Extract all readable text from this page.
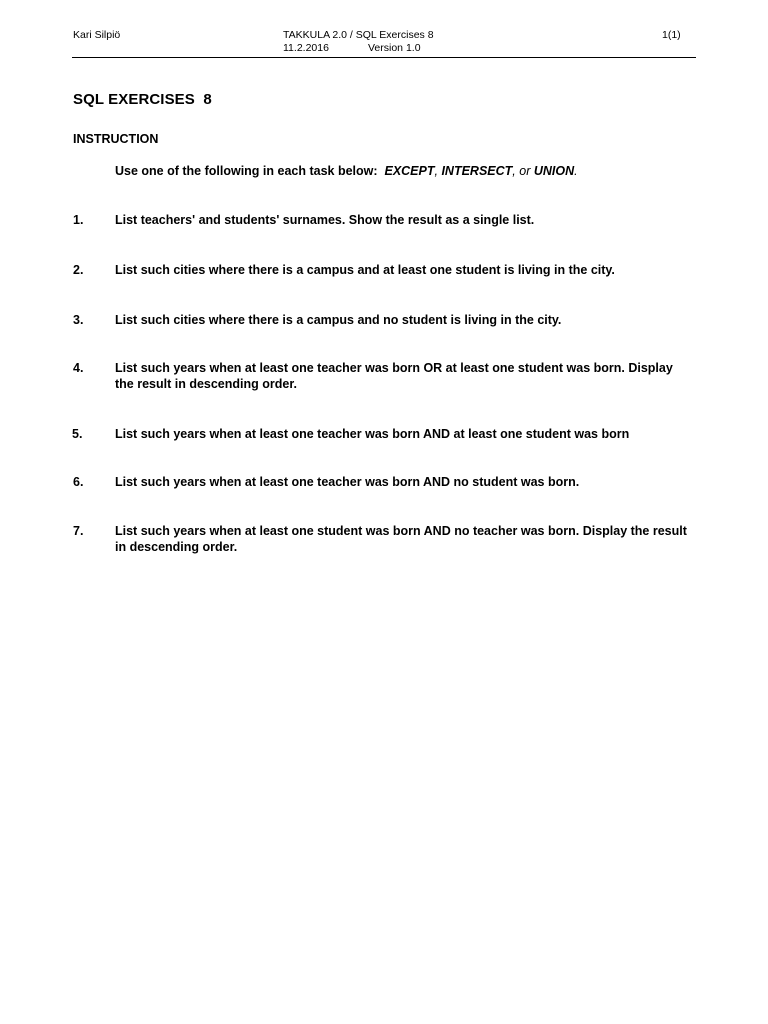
Kari Silpiö	TAKKULA 2.0 / SQL Exercises 8	1(1)
11.2.2016	Version 1.0
SQL EXERCISES  8
INSTRUCTION
Use one of the following in each task below:  EXCEPT, INTERSECT, or UNION.
1.	List teachers' and students' surnames. Show the result as a single list.
2.	List such cities where there is a campus and at least one student is living in the city.
3.	List such cities where there is a campus and no student is living in the city.
4.	List such years when at least one teacher was born OR at least one student was born. Display the result in descending order.
5.	List such years when at least one teacher was born AND at least one student was born
6.	List such years when at least one teacher was born AND no student was born.
7.	List such years when at least one student was born AND no teacher was born. Display the result in descending order.
